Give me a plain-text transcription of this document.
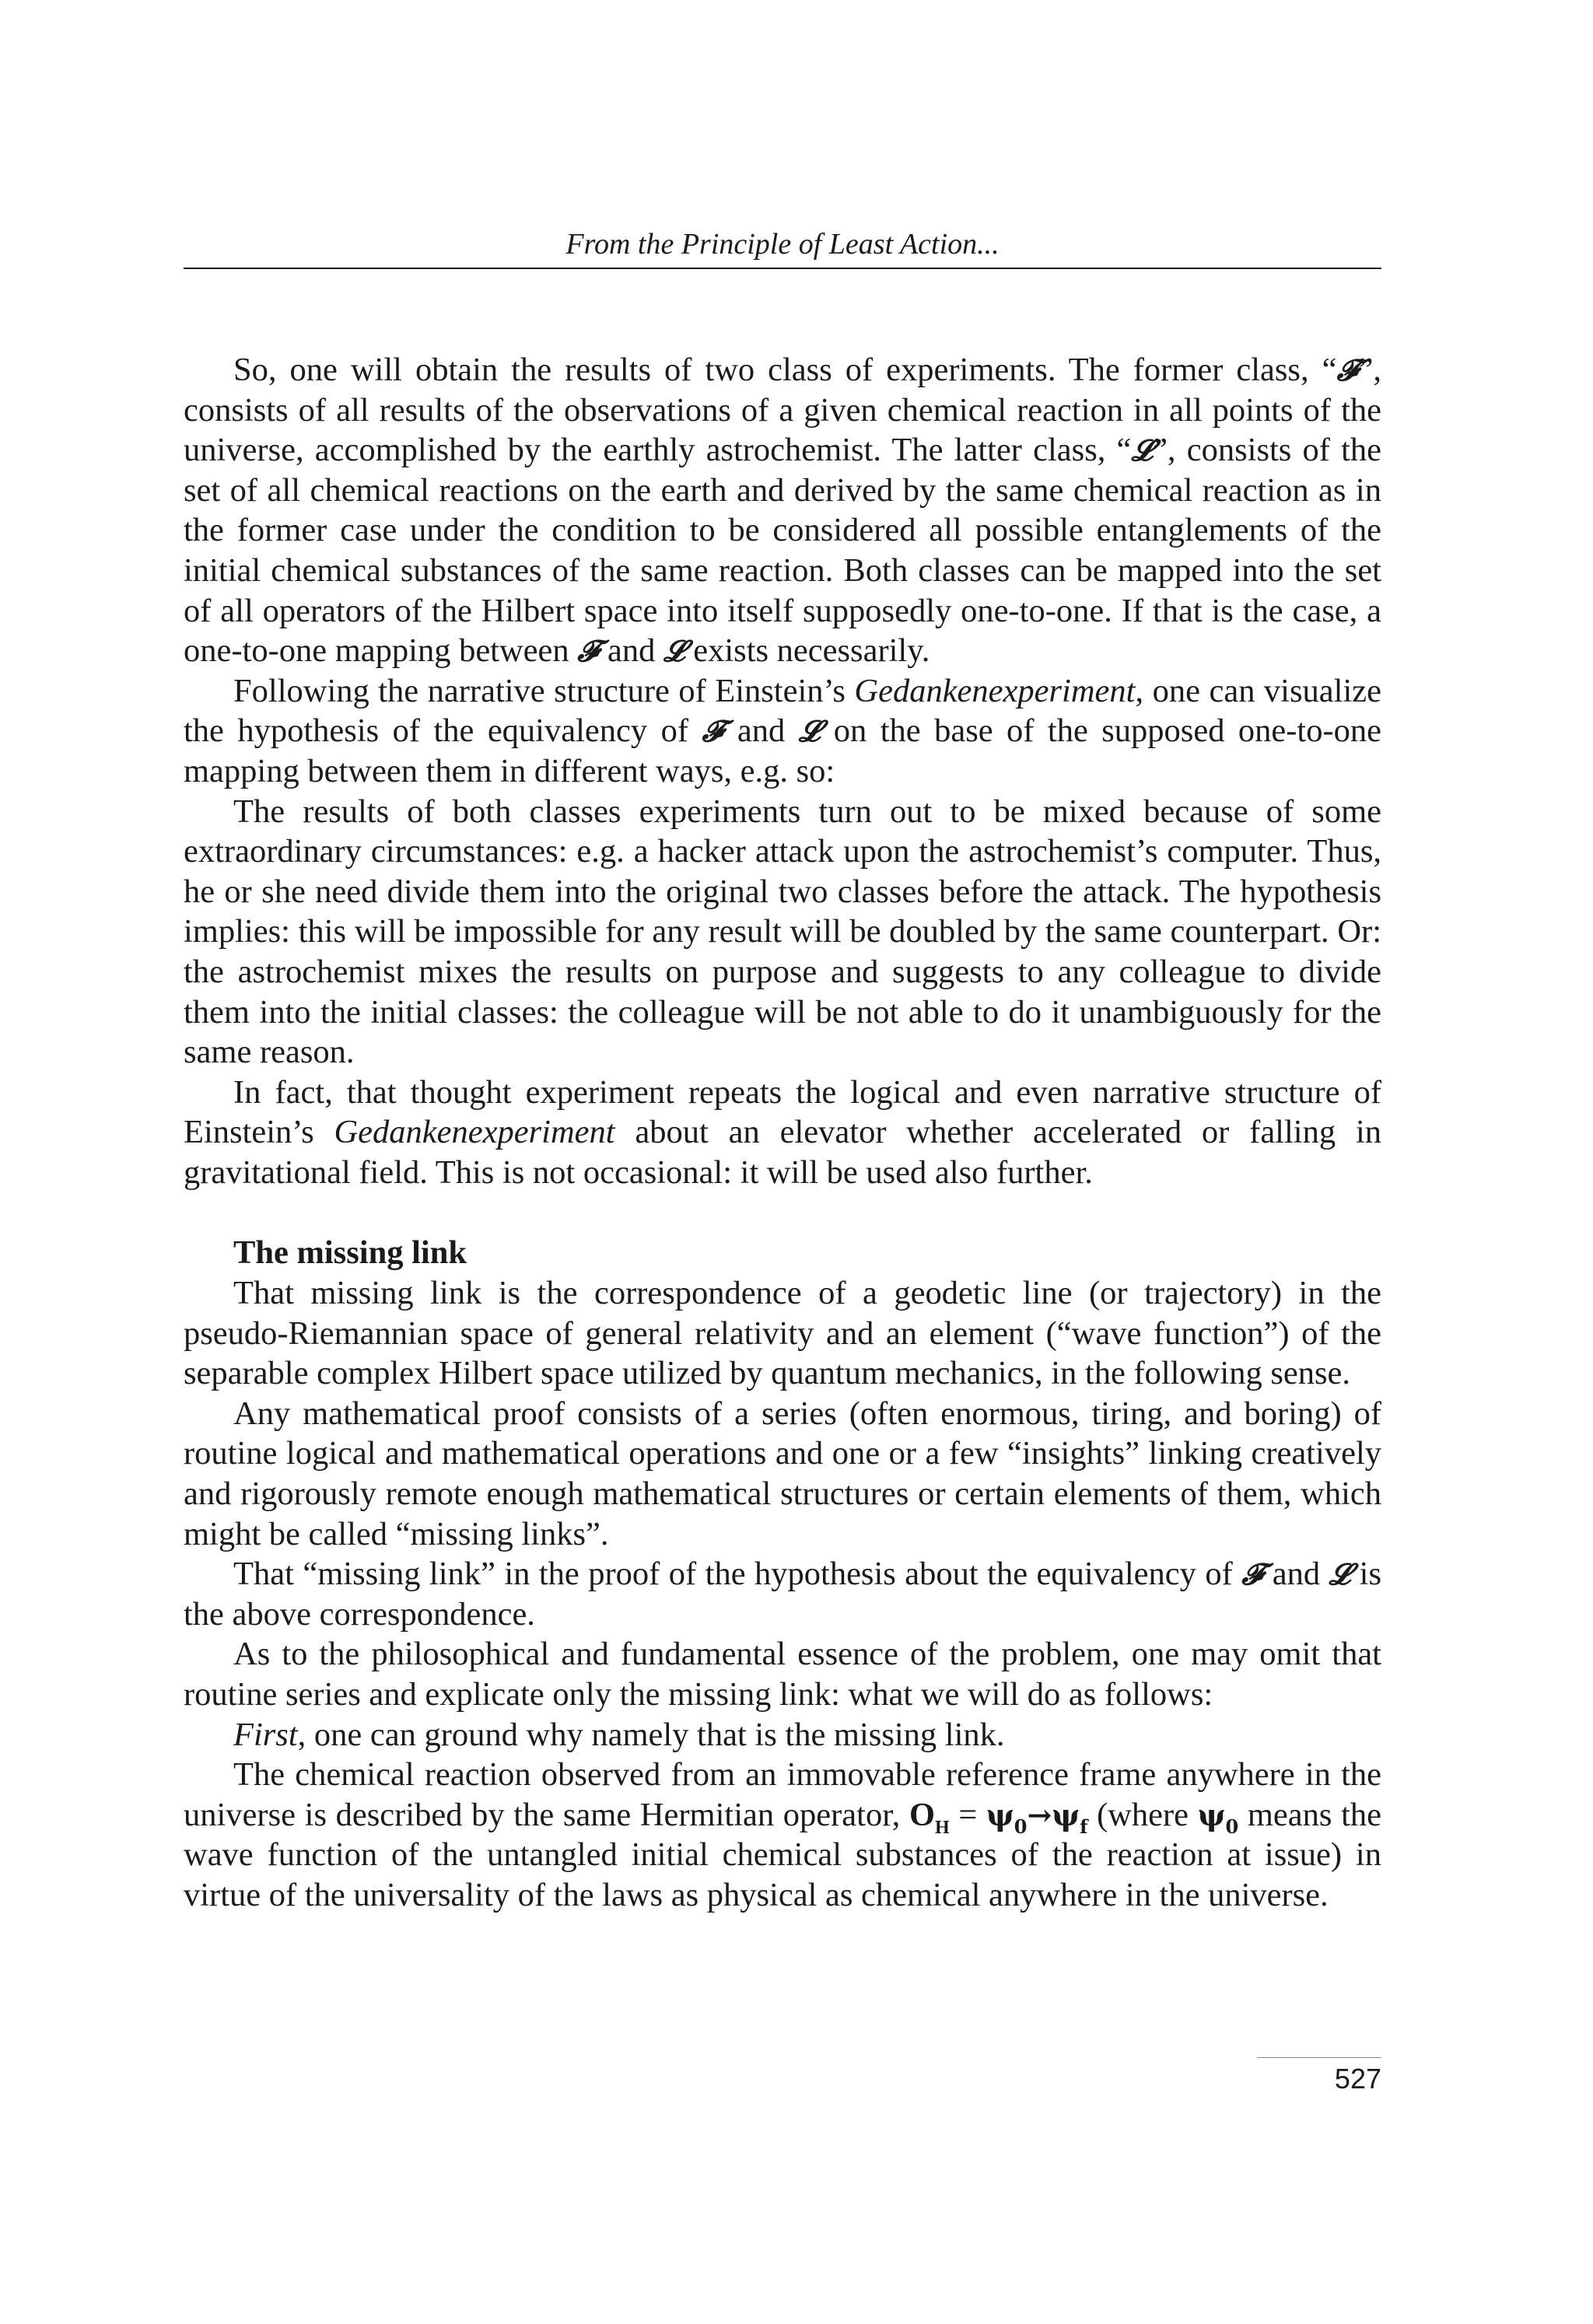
From the Principle of Least Action...

So, one will obtain the results of two class of experiments. The former class, “𝓕”, consists of all results of the observations of a given chemical reaction in all points of the universe, accomplished by the earthly astrochemist. The latter class, “𝓛”, consists of the set of all chemical reactions on the earth and derived by the same chemical reaction as in the former case under the condition to be considered all possible entanglements of the initial chemical substances of the same reaction. Both classes can be mapped into the set of all operators of the Hilbert space into itself supposedly one-to-one. If that is the case, a one-to-one mapping between 𝓕 and 𝓛 exists necessarily.

Following the narrative structure of Einstein’s Gedankenexperiment, one can visualize the hypothesis of the equivalency of 𝓕 and 𝓛 on the base of the supposed one-to-one mapping between them in different ways, e.g. so:

The results of both classes experiments turn out to be mixed because of some extraordinary circumstances: e.g. a hacker attack upon the astrochemist’s computer. Thus, he or she need divide them into the original two classes before the attack. The hypothesis implies: this will be impossible for any result will be doubled by the same counterpart. Or: the astrochemist mixes the results on purpose and suggests to any colleague to divide them into the initial classes: the colleague will be not able to do it unambiguously for the same reason.

In fact, that thought experiment repeats the logical and even narrative structure of Einstein’s Gedankenexperiment about an elevator whether accelerated or falling in gravitational field. This is not occasional: it will be used also further.

The missing link

That missing link is the correspondence of a geodetic line (or trajectory) in the pseudo-Riemannian space of general relativity and an element (“wave function”) of the separable complex Hilbert space utilized by quantum mechanics, in the following sense.

Any mathematical proof consists of a series (often enormous, tiring, and boring) of routine logical and mathematical operations and one or a few “insights” linking creatively and rigorously remote enough mathematical structures or certain elements of them, which might be called “missing links”.

That “missing link” in the proof of the hypothesis about the equivalency of 𝓕 and 𝓛 is the above correspondence.

As to the philosophical and fundamental essence of the problem, one may omit that routine series and explicate only the missing link: what we will do as follows:

First, one can ground why namely that is the missing link.

The chemical reaction observed from an immovable reference frame anywhere in the universe is described by the same Hermitian operator, $O_H = \psi_0\to\psi_f$ (where $\psi_0$ means the wave function of the untangled initial chemical substances of the reaction at issue) in virtue of the universality of the laws as physical as chemical anywhere in the universe.

527
